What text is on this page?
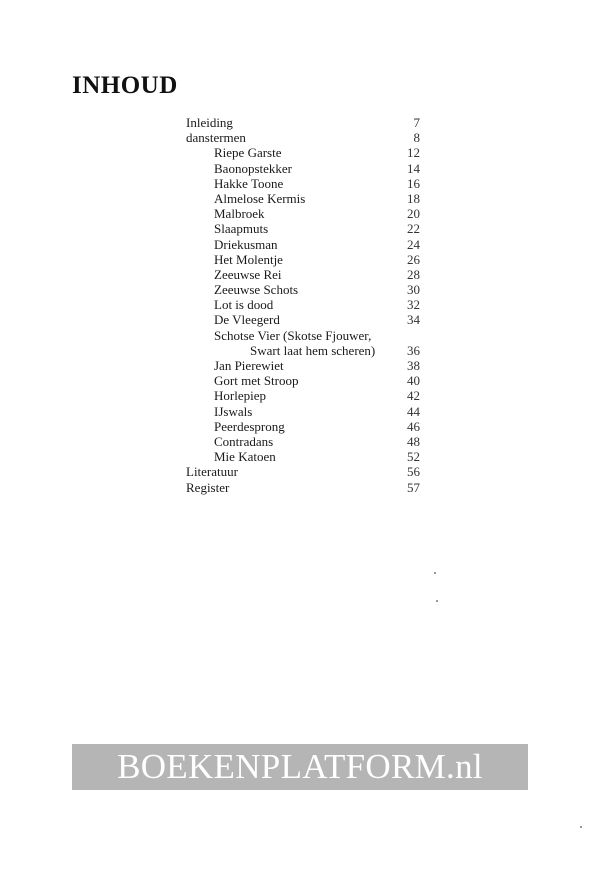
INHOUD
Inleiding	7
danstermen	8
Riepe Garste	12
Baonopstekker	14
Hakke Toone	16
Almelose Kermis	18
Malbroek	20
Slaapmuts	22
Driekusman	24
Het Molentje	26
Zeeuwse Rei	28
Zeeuwse Schots	30
Lot is dood	32
De Vleegerd	34
Schotse Vier (Skotse Fjouwer,
Swart laat hem scheren)	36
Jan Pierewiet	38
Gort met Stroop	40
Horlepiep	42
IJswals	44
Peerdesprong	46
Contradans	48
Mie Katoen	52
Literatuur	56
Register	57
BOEKENPLATFORM.nl
